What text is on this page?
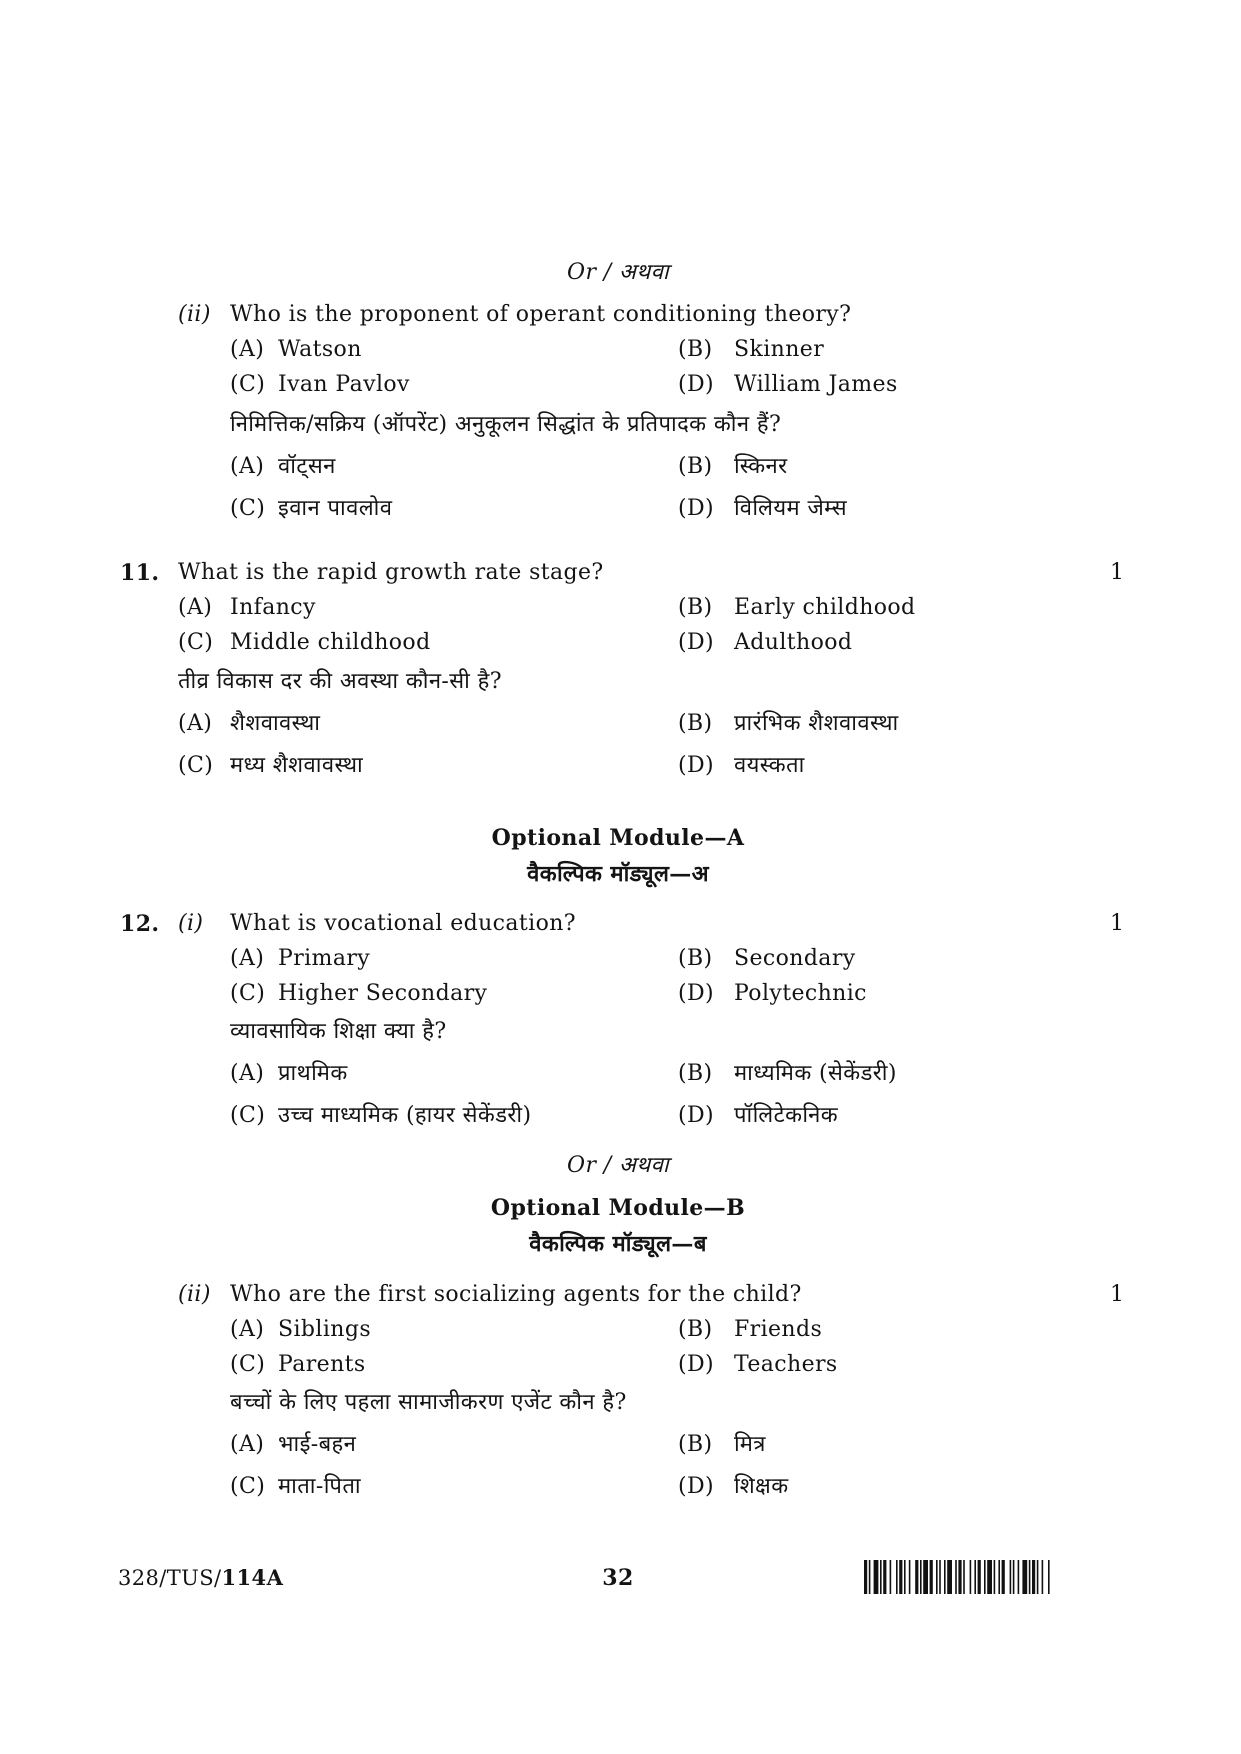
Or / अथवा
(ii) Who is the proponent of operant conditioning theory?
(A) Watson	(B) Skinner
(C) Ivan Pavlov	(D) William James
निमित्तिक/सक्रिय (ऑपरेंट) अनुकूलन सिद्धांत के प्रतिपादक कौन हैं?
(A) वॉट्सन	(B) स्किनर
(C) इवान पावलोव	(D) विलियम जेम्स
11. What is the rapid growth rate stage?	1
(A) Infancy	(B) Early childhood
(C) Middle childhood	(D) Adulthood
तीव्र विकास दर की अवस्था कौन-सी है?
(A) शैशवावस्था	(B) प्रारंभिक शैशवावस्था
(C) मध्य शैशवावस्था	(D) वयस्कता
Optional Module—A
वैकल्पिक मॉड्यूल—अ
12. (i) What is vocational education?	1
(A) Primary	(B) Secondary
(C) Higher Secondary	(D) Polytechnic
व्यावसायिक शिक्षा क्या है?
(A) प्राथमिक	(B) माध्यमिक (सेकेंडरी)
(C) उच्च माध्यमिक (हायर सेकेंडरी)	(D) पॉलिटेकनिक
Or / अथवा
Optional Module—B
वैकल्पिक मॉड्यूल—ब
(ii) Who are the first socializing agents for the child?	1
(A) Siblings	(B) Friends
(C) Parents	(D) Teachers
बच्चों के लिए पहला सामाजीकरण एजेंट कौन है?
(A) भाई-बहन	(B) मित्र
(C) माता-पिता	(D) शिक्षक
328/TUS/114A	32
